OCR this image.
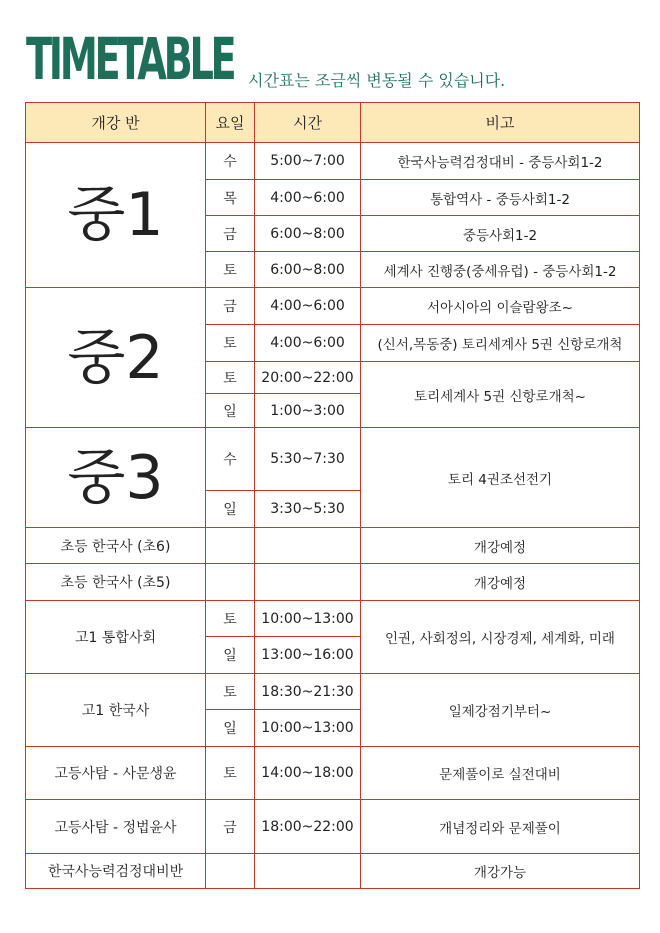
TIMETABLE 시간표는 조금씩 변동될 수 있습니다.
개강 반	요일	시간	비고
중1	수	5:00~7:00	한국사능력검정대비 - 중등사회1-2
	목	4:00~6:00	통합역사 - 중등사회1-2
	금	6:00~8:00	중등사회1-2
	토	6:00~8:00	세계사 진행중(중세유럽) - 중등사회1-2
중2	금	4:00~6:00	서아시아의 이슬람왕조~
	토	4:00~6:00	(신서,목동중) 토리세계사 5권 신항로개척
	토	20:00~22:00	토리세계사 5권 신항로개척~
	일	1:00~3:00	
중3	수	5:30~7:30	토리 4권조선전기
	일	3:30~5:30	
초등 한국사 (초6)			개강예정
초등 한국사 (초5)			개강예정
고1 통합사회	토	10:00~13:00	인권, 사회정의, 시장경제, 세계화, 미래
	일	13:00~16:00	
고1 한국사	토	18:30~21:30	일제강점기부터~
	일	10:00~13:00	
고등사탐 - 사문생윤	토	14:00~18:00	문제풀이로 실전대비
고등사탐 - 정법윤사	금	18:00~22:00	개념정리와 문제풀이
한국사능력검정대비반			개강가능
